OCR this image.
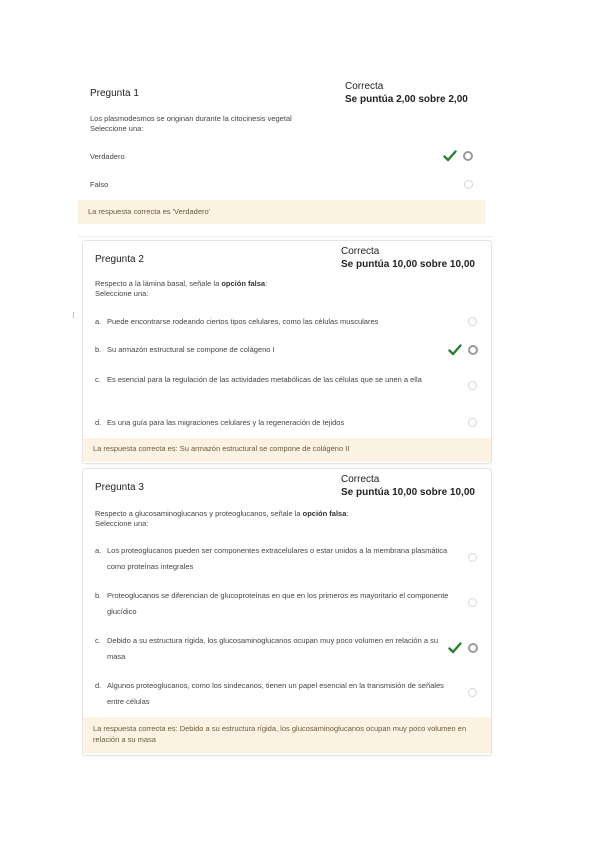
Pregunta 1
Correcta
Se puntúa 2,00 sobre 2,00
Los plasmodesmos se originan durante la citocinesis vegetal
Seleccione una:
Verdadero
Falso
La respuesta correcta es 'Verdadero'
Pregunta 2
Correcta
Se puntúa 10,00 sobre 10,00
Respecto a la lámina basal, señale la opción falsa:
Seleccione una:
a. Puede encontrarse rodeando ciertos tipos celulares, como las células musculares
b. Su armazón estructural se compone de colágeno I
c. Es esencial para la regulación de las actividades metabólicas de las células que se unen a ella
d. Es una guía para las migraciones celulares y la regeneración de tejidos
La respuesta correcta es: Su armazón estructural se compone de colágeno II
Pregunta 3
Correcta
Se puntúa 10,00 sobre 10,00
Respecto a glucosaminoglucanos y proteoglucanos, señale la opción falsa:
Seleccione una:
a. Los proteoglucanos pueden ser componentes extracelulares o estar unidos a la membrana plasmática como proteínas integrales
b. Proteoglucanos se diferencian de glucoproteínas en que en los primeros es mayoritario el componente glucídico
c. Debido a su estructura rígida, los glucosaminoglucanos ocupan muy poco volumen en relación a su masa
d. Algunos proteoglucanos, como los sindecanos, tienen un papel esencial en la transmisión de señales entre células
La respuesta correcta es: Debido a su estructura rígida, los glucosaminoglucanos ocupan muy poco volumen en relación a su masa
